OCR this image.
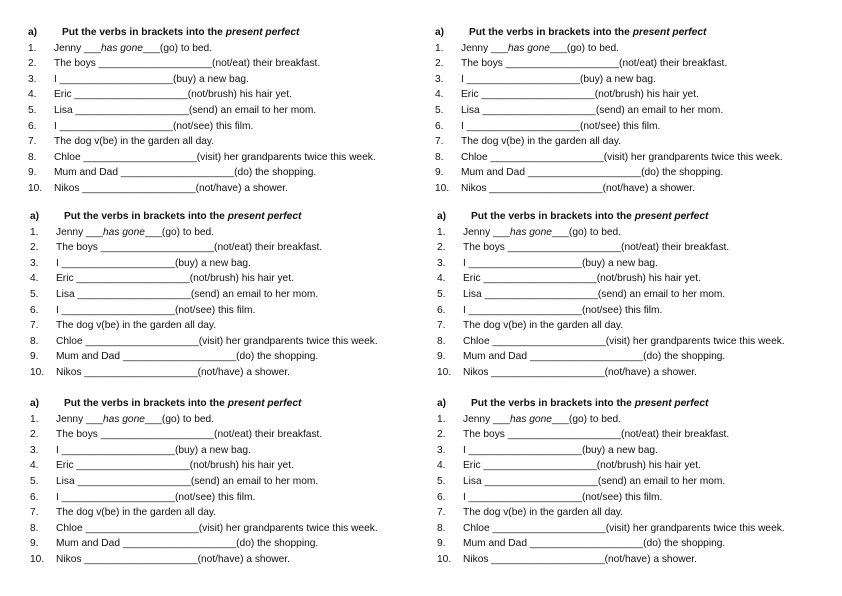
a)	Put the verbs in brackets into the present perfect
1.	Jenny ___ has gone ___(go) to bed.
2.	The boys ____________________(not/eat) their breakfast.
3.	I ____________________(buy) a new bag.
4.	Eric ____________________(not/brush) his hair yet.
5.	Lisa ____________________(send) an email to her mom.
6.	I ____________________(not/see) this film.
7.	The dog v(be) in the garden all day.
8.	Chloe ____________________(visit) her grandparents twice this week.
9.	Mum and Dad ____________________(do) the shopping.
10.	Nikos ____________________(not/have) a shower.
a)	Put the verbs in brackets into the present perfect
1.	Jenny ___ has gone ___(go) to bed.
2.	The boys ____________________(not/eat) their breakfast.
3.	I ____________________(buy) a new bag.
4.	Eric ____________________(not/brush) his hair yet.
5.	Lisa ____________________(send) an email to her mom.
6.	I ____________________(not/see) this film.
7.	The dog v(be) in the garden all day.
8.	Chloe ____________________(visit) her grandparents twice this week.
9.	Mum and Dad ____________________(do) the shopping.
10.	Nikos ____________________(not/have) a shower.
a)	Put the verbs in brackets into the present perfect
1.	Jenny ___ has gone ___(go) to bed.
2.	The boys ____________________(not/eat) their breakfast.
3.	I ____________________(buy) a new bag.
4.	Eric ____________________(not/brush) his hair yet.
5.	Lisa ____________________(send) an email to her mom.
6.	I ____________________(not/see) this film.
7.	The dog v(be) in the garden all day.
8.	Chloe ____________________(visit) her grandparents twice this week.
9.	Mum and Dad ____________________(do) the shopping.
10.	Nikos ____________________(not/have) a shower.
a)	Put the verbs in brackets into the present perfect
1.	Jenny ___ has gone ___(go) to bed.
2.	The boys ____________________(not/eat) their breakfast.
3.	I ____________________(buy) a new bag.
4.	Eric ____________________(not/brush) his hair yet.
5.	Lisa ____________________(send) an email to her mom.
6.	I ____________________(not/see) this film.
7.	The dog v(be) in the garden all day.
8.	Chloe ____________________(visit) her grandparents twice this week.
9.	Mum and Dad ____________________(do) the shopping.
10.	Nikos ____________________(not/have) a shower.
a)	Put the verbs in brackets into the present perfect
1.	Jenny ___ has gone ___(go) to bed.
2.	The boys ____________________(not/eat) their breakfast.
3.	I ____________________(buy) a new bag.
4.	Eric ____________________(not/brush) his hair yet.
5.	Lisa ____________________(send) an email to her mom.
6.	I ____________________(not/see) this film.
7.	The dog v(be) in the garden all day.
8.	Chloe ____________________(visit) her grandparents twice this week.
9.	Mum and Dad ____________________(do) the shopping.
10.	Nikos ____________________(not/have) a shower.
a)	Put the verbs in brackets into the present perfect
1.	Jenny ___ has gone ___(go) to bed.
2.	The boys ____________________(not/eat) their breakfast.
3.	I ____________________(buy) a new bag.
4.	Eric ____________________(not/brush) his hair yet.
5.	Lisa ____________________(send) an email to her mom.
6.	I ____________________(not/see) this film.
7.	The dog v(be) in the garden all day.
8.	Chloe ____________________(visit) her grandparents twice this week.
9.	Mum and Dad ____________________(do) the shopping.
10.	Nikos ____________________(not/have) a shower.
